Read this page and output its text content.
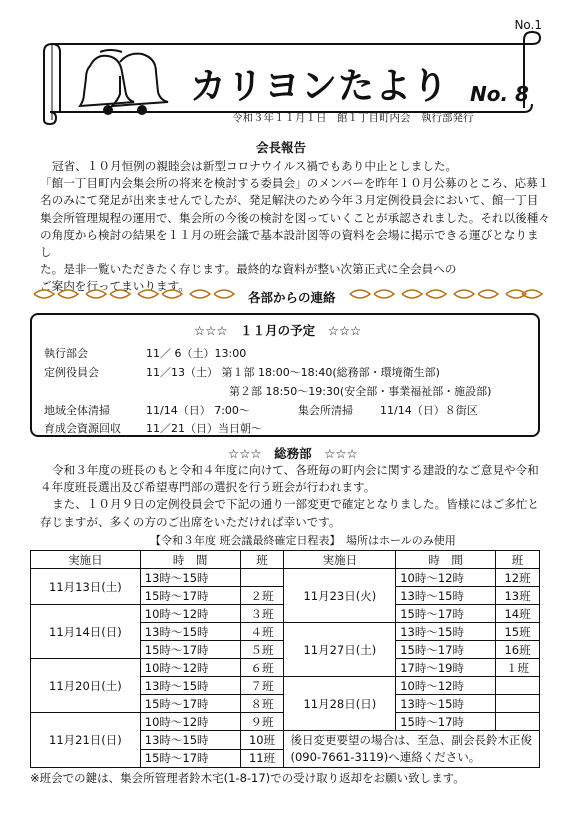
No.1
カリヨンたより No. 8
令和３年１１月１日　館１丁目町内会　執行部発行
会長報告
冠省、１０月恒例の親睦会は新型コロナウイルス禍でもあり中止としました。
「館一丁目町内会集会所の将来を検討する委員会」のメンバーを昨年１０月公募のところ、応募１
名のみにて発足が出来ませんでしたが、発足解決のため今年３月定例役員会において、館一丁目
集会所管理規程の運用で、集会所の今後の検討を図っていくことが承認されました。それ以後種々
の角度から検討の結果を１１月の班会議で基本設計図等の資料を会場に掲示できる運びとなりまし
た。是非一覧いただきたく存じます。最終的な資料が整い次第正式に全会員への
ご案内を行ってまいります。
各部からの連絡
☆☆☆　１１月の予定　☆☆☆
執行部会	11／ 6（土）13:00
定例役員会	11／13（土） 第１部 18:00～18:40(総務部・環境衛生部)
第２部 18:50～19:30(安全部・事業福祉部・施設部)
地域全体清掃	11/14（日） 7:00～	集会所清掃 11/14（日）８街区
育成会資源回収 11／21（日）当日朝～
☆☆☆　総務部　☆☆☆
令和３年度の班長のもと令和４年度に向けて、各班毎の町内会に関する建設的なご意見や令和
４年度班長選出及び希望専門部の選択を行う班会が行われます。
また、１０月９日の定例役員会で下記の通り一部変更で確定となりました。皆様にはご多忙と
存じますが、多くの方のご出席をいただければ幸いです。
【令和３年度 班会議最終確定日程表】　場所はホールのみ使用
実施日	時　間	班	実施日	時　間	班
11月13日(土)	13時～15時		11月23日(火)	10時～12時	12班
	15時～17時	２班		13時～15時	13班
11月14日(日)	10時～12時	３班		15時～17時	14班
	13時～15時	４班	11月27日(土)	13時～15時	15班
	15時～17時	５班		15時～17時	16班
11月20日(土)	10時～12時	６班		17時～19時	１班
	13時～15時	７班	11月28日(日)	10時～12時	
	15時～17時	８班		13時～15時	
11月21日(日)	10時～12時	９班		15時～17時	
	13時～15時	10班	後日変更要望の場合は、至急、副会長鈴木正俊
(090-7661-3119)へ連絡ください。		

	15時～17時	11班			
※班会での鍵は、集会所管理者鈴木宅(1-8-17)での受け取り返却をお願い致します。
